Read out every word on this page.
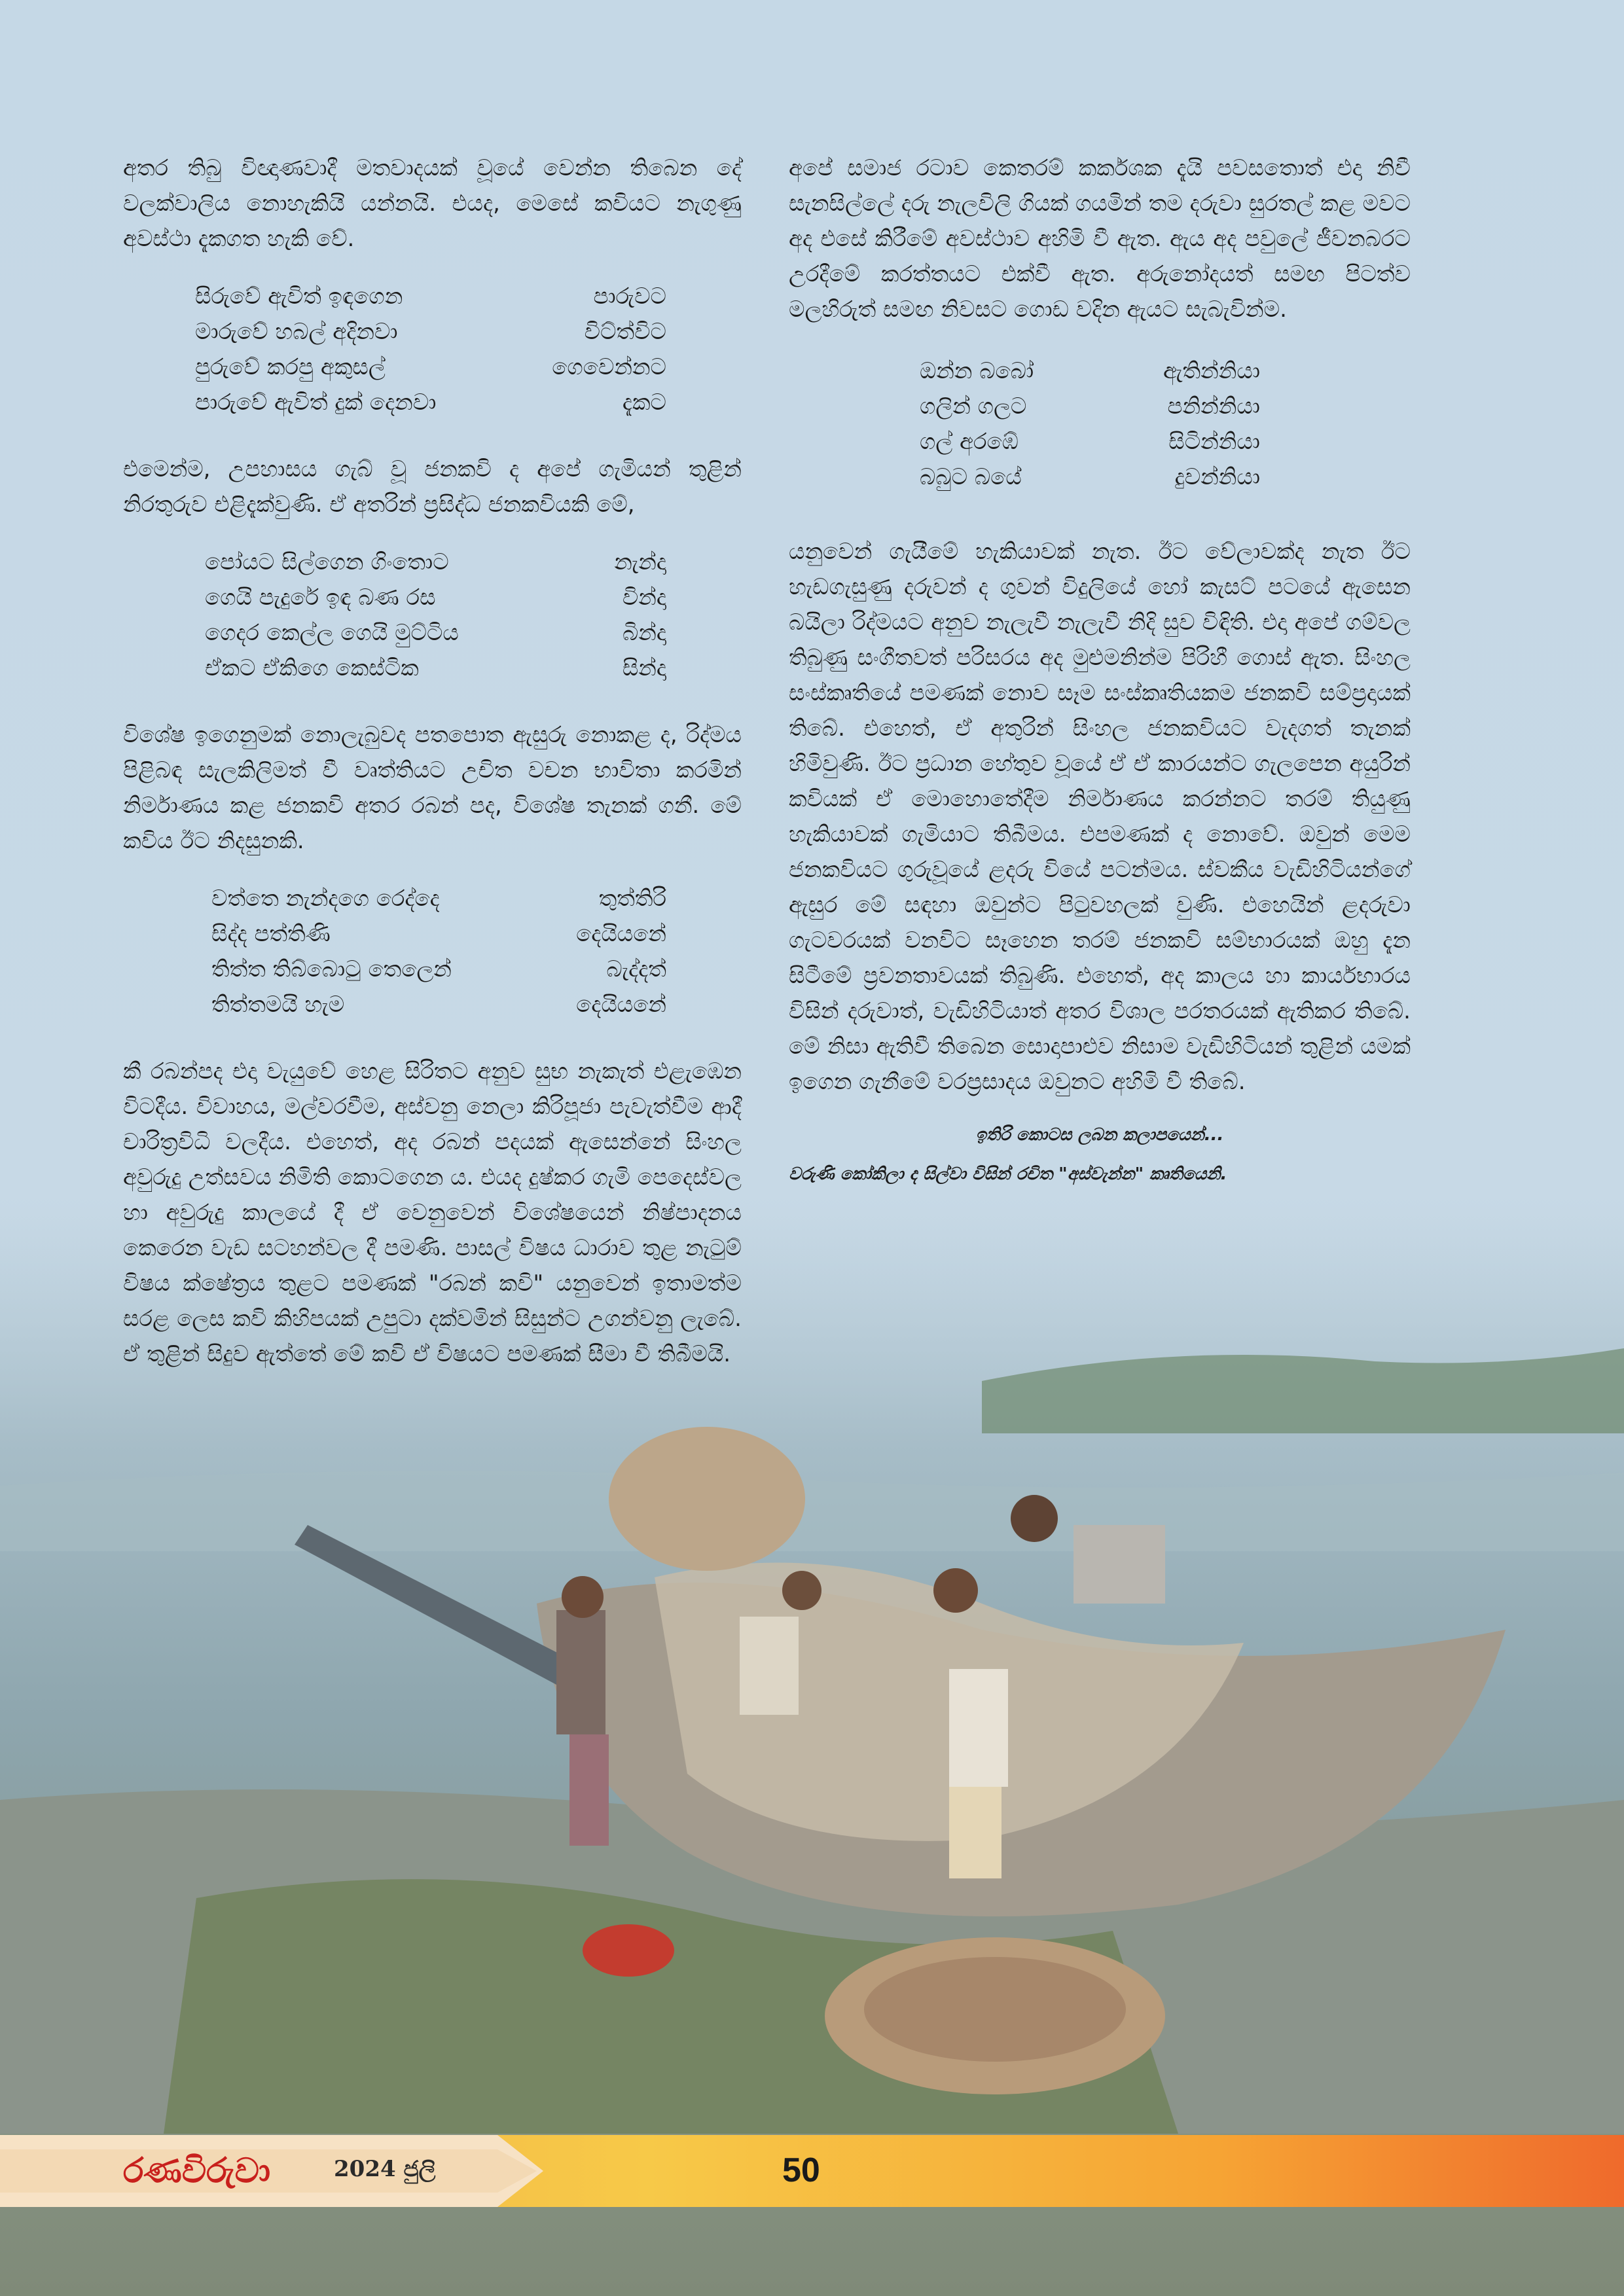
අතර තිබු විඥාණවාදී මතවාදයක් වූයේ වෙන්න තිබෙන දේ වලක්වාලිය නොහැකියි යන්නයි. එයද, මෙසේ කවියට නැගුණු අවස්ථා දැකගත හැකි වේ.

සිරුවේ ඇවිත් ඉඳගෙන	පාරුවට
මාරුවේ හබල් අදිනවා	විට්ත්විට
පුරුවේ කරපු අකුසල්	ගෙවෙන්නට
පාරුවේ ඇවිත් දුක් දෙනවා	දැකට

එමෙන්ම, උපහාසය ගැබ් වූ ජනකවි ද අපේ ගැමියන් තුළින් නිරතුරුව එළිදැක්වුණි. ඒ අතරින් ප්‍රසිද්ධ ජනකවියකි මේ,

පෝයට සිල්ගෙන ගිංතොට	නැන්දා
ගෙයි පැදුරේ ඉඳ බණ රස	වින්දා
ගෙදර කෙල්ල ගෙයි මුට්ටිය	බින්දා
ඒකට ඒකිගෙ කෙස්ටික	සින්දා

විශේෂ ඉගෙනුමක් නොලැබුවද පතපොත ඇසුරු නොකළ ද, රිද්මය පිළිබඳ සැලකිලිමත් වී වෘත්තියට උචිත වචන භාවිතා කරමින් නිර්මාණය කළ ජනකවි අතර රබන් පද, විශේෂ තැනක් ගනී. මේ කවිය ඊට නිදසුනකි.

වත්තෙ නැන්දගෙ රෙද්දෙ	තුත්තිරි
සිද්ද පත්තිණි	දෙයියනේ
තිත්ත තිබ්බොටු තෙලෙන්	බැද්දත්
තිත්තමයි හැම	දෙයියනේ

කී රබන්පද එදා වැයුවේ හෙළ සිරිතට අනුව සුභ නැකැත් එළැඹෙන විටදීය. විවාහය, මල්වරවීම, අස්වනු නෙලා කිරිපූජා පැවැත්වීම ආදී චාරිත්‍රවිධි වලදීය. එහෙත්, අද රබන් පදයක් ඇසෙන්නේ සිංහල අවුරුදු උත්සවය නිමිති කොටගෙන ය. එයද දුෂ්කර ගැමි පෙදෙස්වල හා අවුරුදු කාලයේ දී ඒ වෙනුවෙන් විශේෂයෙන් නිෂ්පාදනය කෙරෙන වැඩ සටහන්වල දී පමණි. පාසල් විෂය ධාරාව තුළ නැටුම් විෂය ක්ෂේත්‍රය තුළට පමණක් "රබන් කවි" යනුවෙන් ඉතාමත්ම සරළ ලෙස කවි කිහිපයක් උපුටා දක්වමින් සිසුන්ට උගන්වනු ලැබේ. ඒ තුළින් සිදුව ඇත්තේ මේ කවි ඒ විෂයට පමණක් සීමා වී තිබීමයි.

අපේ සමාජ රටාව කෙතරම් කර්කශක දැයි පවසතොත් එදා නිවී සැනසිල්ලේ දරු නැලවිලි ගියක් ගයමින් තම දරුවා සුරතල් කළ මවට අද එසේ කිරීමේ අවස්ථාව අහිමි වී ඇත. ඇය අද පවුලේ ජීවනබරට උරදීමේ කරත්තයට එක්වී ඇත. අරුනෝදයත් සමඟ පිටත්ව මලහිරුත් සමඟ නිවසට ගොඩ වදින ඇයට සැබැවින්ම.

ඔන්න බබෝ	ඇතින්නියා
ගලින් ගලට	පනින්නියා
ගල් අරඹේ	සිටින්නියා
බබුට බයේ	දුවන්නියා

යනුවෙන් ගැයීමේ හැකියාවක් නැත. ඊට වේලාවක්ද නැත ඊට හැඩගැසුණු දරුවන් ද ගුවන් විදුලියේ හෝ කැසට් පටයේ ඇසෙන බයිලා රිද්මයට අනුව නැලැවී නැලැවී නිදි සුව විඳිති. එදා අපේ ගම්වල තිබුණු සංගීතවත් පරිසරය අද මුළුමනින්ම පිරිහී ගොස් ඇත. සිංහල සංස්කෘතියේ පමණක් නොව සෑම සංස්කෘතියකම ජනකවි සම්ප්‍රදායක් තිබේ. එහෙත්, ඒ අතුරින් සිංහල ජනකවියට වැදගත් තැනක් හිමිවුණි. ඊට ප්‍රධාන හේතුව වූයේ ඒ ඒ කාරයන්ට ගැලපෙන අයුරින් කවියක් ඒ මොහොතේදීම නිර්මාණය කරන්නට තරම් තියුණු හැකියාවක් ගැමියාට තිබීමය. එපමණක් ද නොවේ. ඔවුන් මෙම ජනකවියට ගුරුවූයේ ළදරු වියේ පටන්මය. ස්වකීය වැඩිහිටියන්ගේ ඇසුර මේ සඳහා ඔවුන්ට පිටුවහලක් වුණි. එහෙයින් ළදරුවා ගැටවරයක් වනවිට සෑහෙන තරම් ජනකවි සම්භාරයක් ඔහු දැන සිටීමේ ප්‍රවනතාවයක් තිබුණි. එහෙත්, අද කාලය හා කාර්යභාරය විසින් දරුවාත්, වැඩිහිටියාත් අතර විශාල පරතරයක් ඇතිකර තිබේ. මේ නිසා ඇතිවී තිබෙන සොදාපාළුව නිසාම වැඩිහිටියන් තුළින් යමක් ඉගෙන ගැනීමේ වරප්‍රසාදය ඔවුනට අහිමි වී තිබේ.

ඉතිරි කොටස ලබන කලාපයෙන්...
වරුණි කෝකිලා ද සිල්වා විසින් රචිත "අස්වැන්න" කෘතියෙනි.
රණවිරුවා	2024 ජුලි	50
